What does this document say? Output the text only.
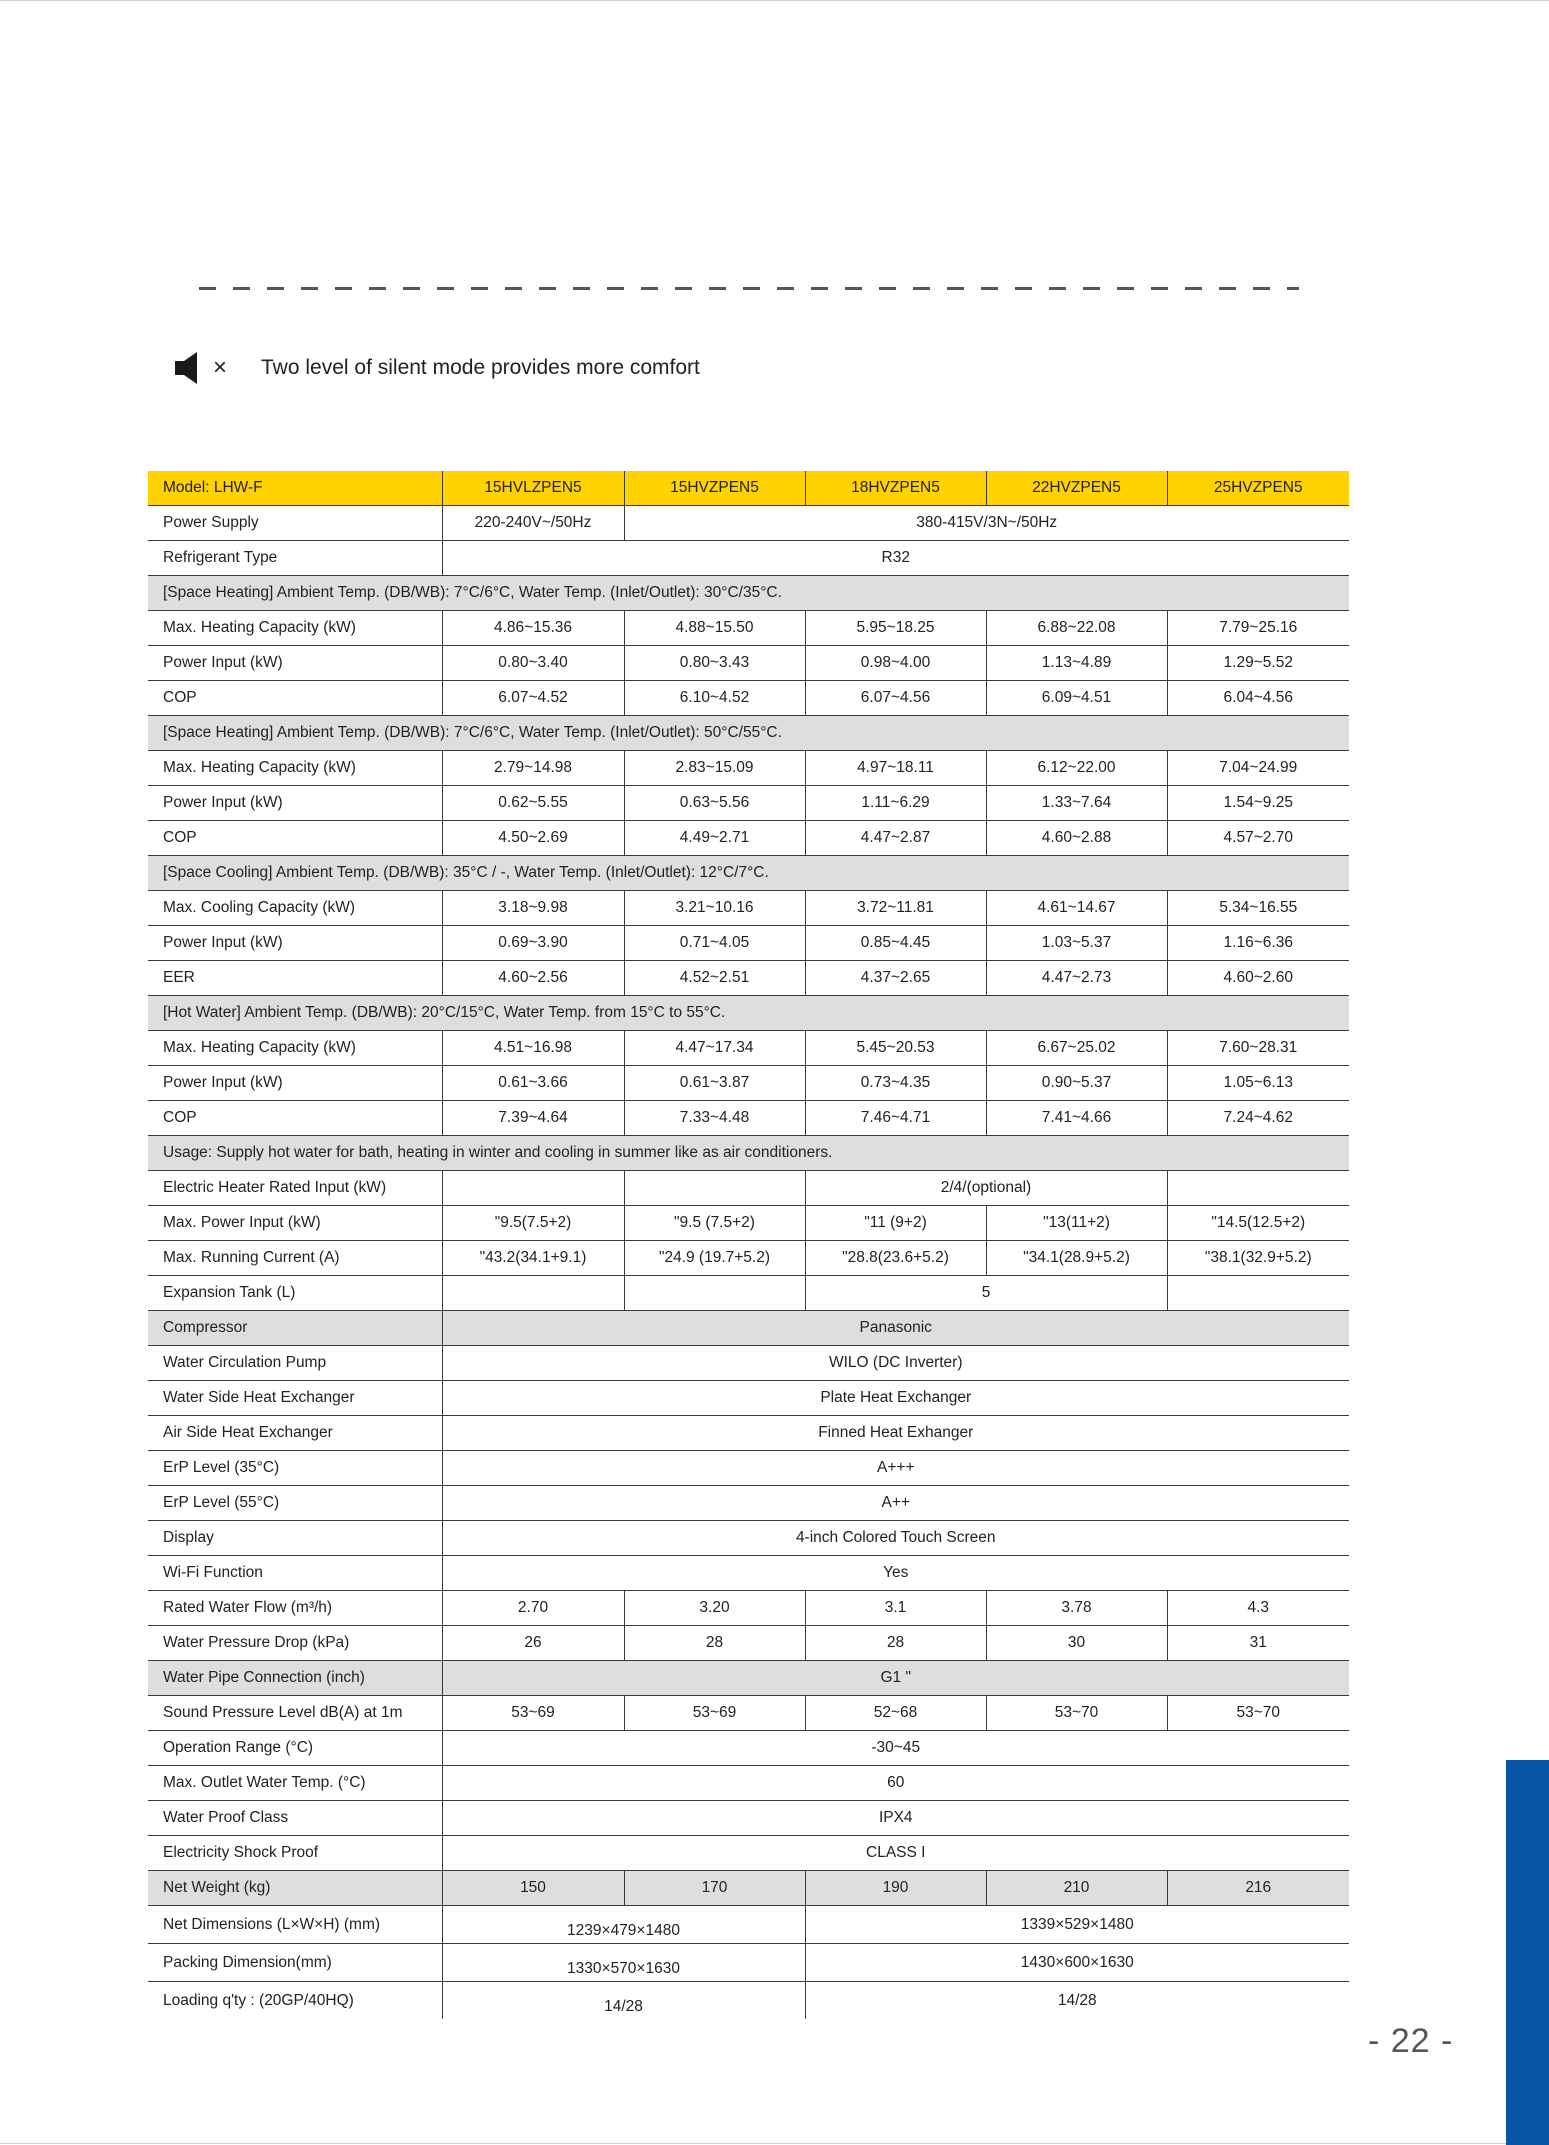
× Two level of silent mode provides more comfort
Model: LHW-F	15HVLZPEN5	15HVZPEN5	18HVZPEN5	22HVZPEN5	25HVZPEN5
Power Supply	220-240V~/50Hz	380-415V/3N~/50Hz			
Refrigerant Type	R32				
[Space Heating] Ambient Temp. (DB/WB): 7°C/6°C, Water Temp. (Inlet/Outlet): 30°C/35°C.					
Max. Heating Capacity (kW)	4.86~15.36	4.88~15.50	5.95~18.25	6.88~22.08	7.79~25.16
Power Input (kW)	0.80~3.40	0.80~3.43	0.98~4.00	1.13~4.89	1.29~5.52
COP	6.07~4.52	6.10~4.52	6.07~4.56	6.09~4.51	6.04~4.56
[Space Heating] Ambient Temp. (DB/WB): 7°C/6°C, Water Temp. (Inlet/Outlet): 50°C/55°C.					
Max. Heating Capacity (kW)	2.79~14.98	2.83~15.09	4.97~18.11	6.12~22.00	7.04~24.99
Power Input (kW)	0.62~5.55	0.63~5.56	1.11~6.29	1.33~7.64	1.54~9.25
COP	4.50~2.69	4.49~2.71	4.47~2.87	4.60~2.88	4.57~2.70
[Space Cooling] Ambient Temp. (DB/WB): 35°C / -, Water Temp. (Inlet/Outlet): 12°C/7°C.					
Max. Cooling Capacity (kW)	3.18~9.98	3.21~10.16	3.72~11.81	4.61~14.67	5.34~16.55
Power Input (kW)	0.69~3.90	0.71~4.05	0.85~4.45	1.03~5.37	1.16~6.36
EER	4.60~2.56	4.52~2.51	4.37~2.65	4.47~2.73	4.60~2.60
[Hot Water] Ambient Temp. (DB/WB): 20°C/15°C, Water Temp. from 15°C to 55°C.					
Max. Heating Capacity (kW)	4.51~16.98	4.47~17.34	5.45~20.53	6.67~25.02	7.60~28.31
Power Input (kW)	0.61~3.66	0.61~3.87	0.73~4.35	0.90~5.37	1.05~6.13
COP	7.39~4.64	7.33~4.48	7.46~4.71	7.41~4.66	7.24~4.62
Usage: Supply hot water for bath, heating in winter and cooling in summer like as air conditioners.					
Electric Heater Rated Input (kW)			2/4/(optional)		
Max. Power Input (kW)	"9.5(7.5+2)	"9.5 (7.5+2)	"11 (9+2)	"13(11+2)	"14.5(12.5+2)
Max. Running Current (A)	"43.2(34.1+9.1)	"24.9 (19.7+5.2)	"28.8(23.6+5.2)	"34.1(28.9+5.2)	"38.1(32.9+5.2)
Expansion Tank (L)			5		
Compressor	Panasonic				
Water Circulation Pump	WILO (DC Inverter)				
Water Side Heat Exchanger	Plate Heat Exchanger				
Air Side Heat Exchanger	Finned Heat Exhanger				
ErP Level (35°C)	A+++				
ErP Level (55°C)	A++				
Display	4-inch Colored Touch Screen				
Wi-Fi Function	Yes				
Rated Water Flow (m³/h)	2.70	3.20	3.1	3.78	4.3
Water Pressure Drop (kPa)	26	28	28	30	31
Water Pipe Connection (inch)	G1 "				
Sound Pressure Level dB(A) at 1m	53~69	53~69	52~68	53~70	53~70
Operation Range (°C)	-30~45				
Max. Outlet Water Temp. (°C)	60				
Water Proof Class	IPX4				
Electricity Shock Proof	CLASS I				
Net Weight (kg)	150	170	190	210	216
Net Dimensions (L×W×H) (mm)	1239×479×1480		1339×529×1480		
Packing Dimension(mm)	1330×570×1630		1430×600×1630		
Loading q'ty : (20GP/40HQ)	14/28		14/28		
- 22 -
